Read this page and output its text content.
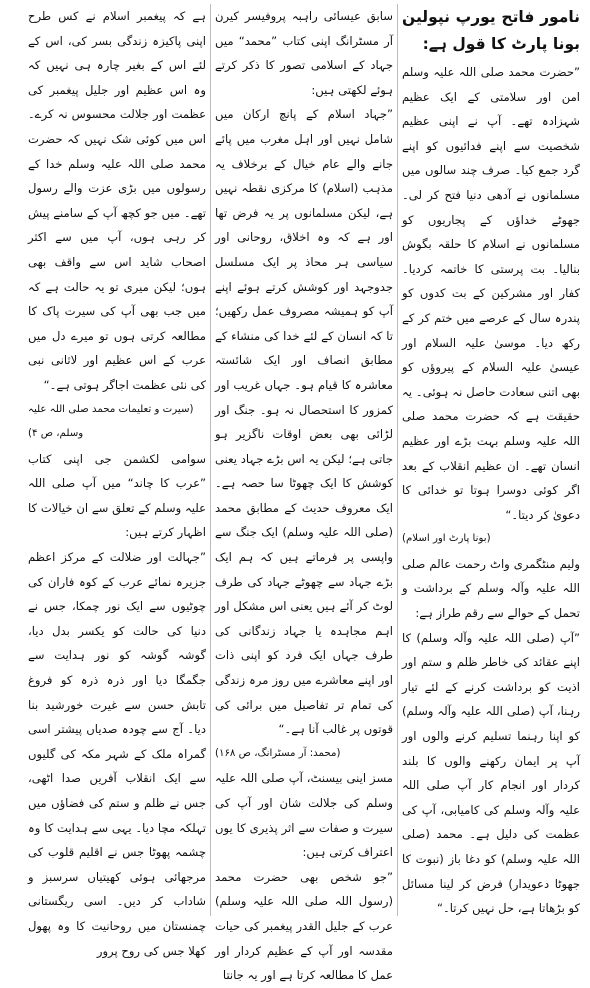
نامور فاتح یورپ نپولین بونا پارٹ کا قول ہے:

”حضرت محمد صلی اللہ علیہ وسلم امن اور سلامتی کے ایک عظیم شہزادہ تھے۔ آپ نے اپنی عظیم شخصیت سے اپنے فدائیوں کو اپنے گرد جمع کیا۔ صرف چند سالوں میں مسلمانوں نے آدھی دنیا فتح کر لی۔ جھوٹے خداؤں کے پجاریوں کو مسلمانوں نے اسلام کا حلقہ بگوش بنالیا۔ بت پرستی کا خاتمہ کردیا۔ کفار اور مشرکین کے بت کدوں کو پندرہ سال کے عرصے میں ختم کر کے رکھ دیا۔ موسیٰ علیہ السلام اور عیسیٰ علیہ السلام کے پیروؤں کو بھی اتنی سعادت حاصل نہ ہوئی۔ یہ حقیقت ہے کہ حضرت محمد صلی اللہ علیہ وسلم بہت بڑے اور عظیم انسان تھے۔ ان عظیم انقلاب کے بعد اگر کوئی دوسرا ہوتا تو خدائی کا دعویٰ کر دیتا۔“

(بونا پارٹ اور اسلام)

ولیم منٹگمری واٹ رحمت عالم صلی اللہ علیہ وآلہ وسلم کے برداشت و تحمل کے حوالے سے رقم طراز ہے:

”آپ (صلی اللہ علیہ وآلہ وسلم) کا اپنے عقائد کی خاطر ظلم و ستم اور اذیت کو برداشت کرنے کے لئے تیار رہنا، آپ (صلی اللہ علیہ وآلہ وسلم) کو اپنا رہنما تسلیم کرنے والوں اور آپ پر ایمان رکھنے والوں کا بلند کردار اور انجام کار آپ صلی اللہ علیہ وآلہ وسلم کی کامیابی، آپ کی عظمت کی دلیل ہے۔ محمد (صلی اللہ علیہ وسلم) کو دغا باز (نبوت کا جھوٹا دعویدار) فرض کر لینا مسائل کو بڑھاتا ہے، حل نہیں کرتا۔“

سابق عیسائی راہبہ پروفیسر کیرن آر مسٹرانگ اپنی کتاب ”محمد“ میں جہاد کے اسلامی تصور کا ذکر کرتے ہوئے لکھتی ہیں:

”جہاد اسلام کے پانچ ارکان میں شامل نہیں اور اہل مغرب میں پائے جانے والے عام خیال کے برخلاف یہ مذہب (اسلام) کا مرکزی نقطہ نہیں ہے، لیکن مسلمانوں پر یہ فرض تھا اور ہے کہ وہ اخلاق، روحانی اور سیاسی ہر محاذ پر ایک مسلسل جدوجہد اور کوشش کرتے ہوئے اپنے آپ کو ہمیشہ مصروف عمل رکھیں؛ تا کہ انسان کے لئے خدا کی منشاء کے مطابق انصاف اور ایک شائستہ معاشرہ کا قیام ہو۔ جہاں غریب اور کمزور کا استحصال نہ ہو۔ جنگ اور لڑائی بھی بعض اوقات ناگزیر ہو جاتی ہے؛ لیکن یہ اس بڑے جہاد یعنی کوشش کا ایک چھوٹا سا حصہ ہے۔ ایک معروف حدیث کے مطابق محمد (صلی اللہ علیہ وسلم) ایک جنگ سے واپسی پر فرماتے ہیں کہ ہم ایک بڑے جہاد سے چھوٹے جہاد کی طرف لوٹ کر آئے ہیں یعنی اس مشکل اور اہم مجاہدہ یا جہاد زندگانی کی طرف جہاں ایک فرد کو اپنی ذات اور اپنے معاشرے میں روز مرہ زندگی کی تمام تر تفاصیل میں برائی کی قوتوں پر غالب آنا ہے۔“

(محمد: آر مسٹرانگ، ص ۱۶۸)

مسز اینی بیسنٹ، آپ صلی اللہ علیہ وسلم کی جلالت شان اور آپ کی سیرت و صفات سے اثر پذیری کا یوں اعتراف کرتی ہیں:

”جو شخص بھی حضرت محمد (رسول اللہ صلی اللہ علیہ وسلم) عرب کے جلیل القدر پیغمبر کی حیات مقدسہ اور آپ کے عظیم کردار اور عمل کا مطالعہ کرتا ہے اور یہ جانتا

ہے کہ پیغمبر اسلام نے کس طرح اپنی پاکیزہ زندگی بسر کی، اس کے لئے اس کے بغیر چارہ ہی نہیں کہ وہ اس عظیم اور جلیل پیغمبر کی عظمت اور جلالت محسوس نہ کرے۔ اس میں کوئی شک نہیں کہ حضرت محمد صلی اللہ علیہ وسلم خدا کے رسولوں میں بڑی عزت والے رسول تھے۔ میں جو کچھ آپ کے سامنے پیش کر رہی ہوں، آپ میں سے اکثر اصحاب شاید اس سے واقف بھی ہوں؛ لیکن میری تو یہ حالت ہے کہ میں جب بھی آپ کی سیرت پاک کا مطالعہ کرتی ہوں تو میرے دل میں عرب کے اس عظیم اور لاثانی نبی کی نئی عظمت اجاگر ہوتی ہے۔“

(سیرت و تعلیمات محمد صلی اللہ علیہ وسلم، ص ۴)

سوامی لکشمن جی اپنی کتاب ”عرب کا چاند“ میں آپ صلی اللہ علیہ وسلم کے تعلق سے ان خیالات کا اظہار کرتے ہیں:

”جہالت اور ضلالت کے مرکز اعظم جزیرہ نمائے عرب کے کوہ فاران کی چوٹیوں سے ایک نور چمکا، جس نے دنیا کی حالت کو یکسر بدل دیا، گوشہ گوشہ کو نور ہدایت سے جگمگا دیا اور ذرہ ذرہ کو فروغ تابش حسن سے غیرت خورشید بنا دیا۔ آج سے چودہ صدیاں پیشتر اسی گمراہ ملک کے شہر مکہ کی گلیوں سے ایک انقلاب آفریں صدا اٹھی، جس نے ظلم و ستم کی فضاؤں میں تہلکہ مچا دیا۔ یہی سے ہدایت کا وہ چشمہ پھوٹا جس نے اقلیم قلوب کی مرجھائی ہوئی کھیتیاں سرسبز و شاداب کر دیں۔ اسی ریگستانی چمنستان میں روحانیت کا وہ پھول کھلا جس کی روح پرور
